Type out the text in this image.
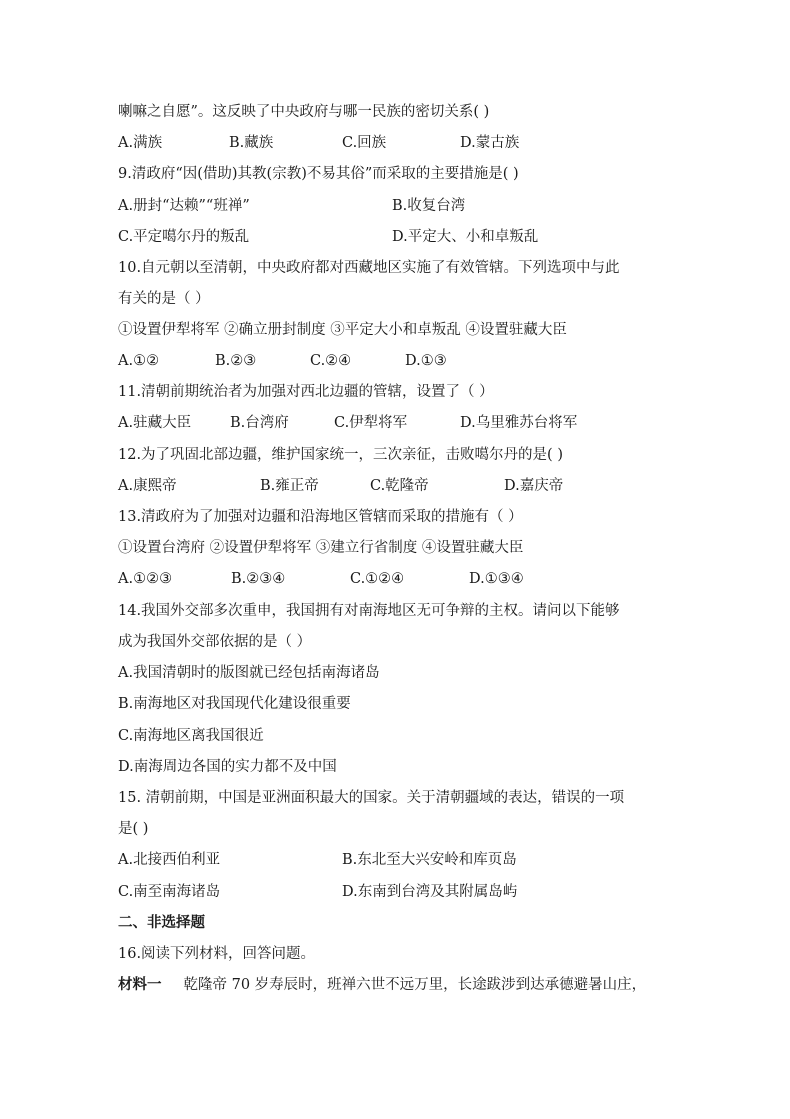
喇嘛之自愿”。这反映了中央政府与哪一民族的密切关系( )
A.满族	B.藏族	C.回族	D.蒙古族
9.清政府“因(借助)其教(宗教)不易其俗”而采取的主要措施是( )
A.册封“达赖”“班禅”	B.收复台湾
C.平定噶尔丹的叛乱	D.平定大、小和卓叛乱
10.自元朝以至清朝，中央政府都对西藏地区实施了有效管辖。下列选项中与此
有关的是（ ）
①设置伊犁将军 ②确立册封制度 ③平定大小和卓叛乱 ④设置驻藏大臣
A.①②	B.②③	C.②④	D.①③
11.清朝前期统治者为加强对西北边疆的管辖，设置了（ ）
A.驻藏大臣	B.台湾府	C.伊犁将军	D.乌里雅苏台将军
12.为了巩固北部边疆，维护国家统一，三次亲征，击败噶尔丹的是( )
A.康熙帝	B.雍正帝	C.乾隆帝	D.嘉庆帝
13.清政府为了加强对边疆和沿海地区管辖而采取的措施有（ ）
①设置台湾府 ②设置伊犁将军 ③建立行省制度 ④设置驻藏大臣
A.①②③	B.②③④	C.①②④	D.①③④
14.我国外交部多次重申，我国拥有对南海地区无可争辩的主权。请问以下能够
成为我国外交部依据的是（ ）
A.我国清朝时的版图就已经包括南海诸岛
B.南海地区对我国现代化建设很重要
C.南海地区离我国很近
D.南海周边各国的实力都不及中国
15. 清朝前期，中国是亚洲面积最大的国家。关于清朝疆域的表达，错误的一项
是( )
A.北接西伯利亚	B.东北至大兴安岭和库页岛
C.南至南海诸岛	D.东南到台湾及其附属岛屿
二、非选择题
16.阅读下列材料，回答问题。
材料一 乾隆帝 70 岁寿辰时，班禅六世不远万里，长途跋涉到达承德避暑山庄，
